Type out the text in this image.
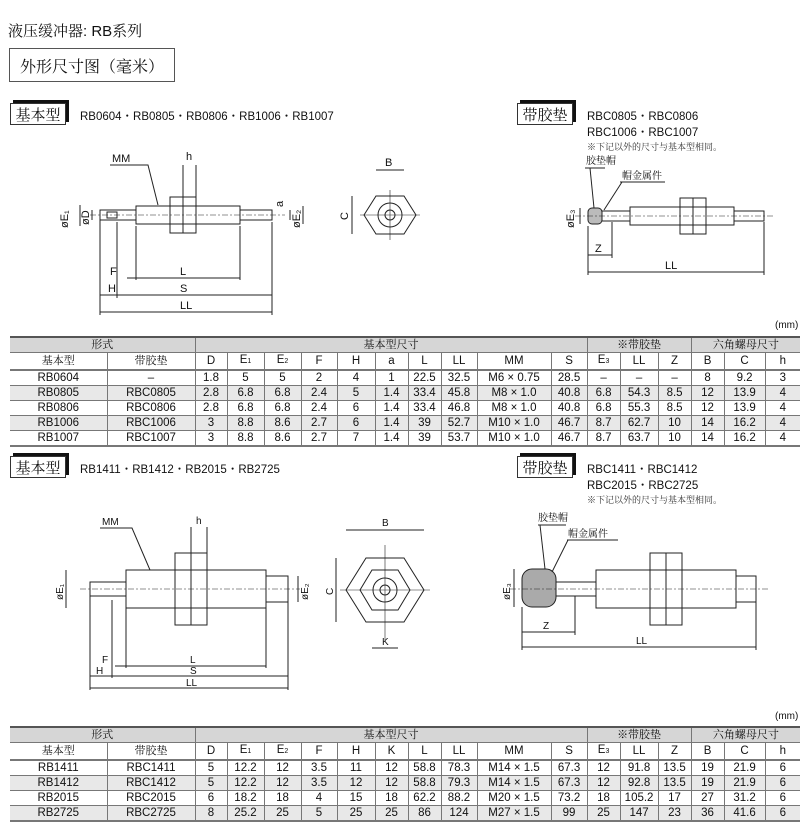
液压缓冲器: RB系列
外形尺寸图（毫米）
基本型	RB0604・RB0805・RB0806・RB1006・RB1007	带胶垫	RBC0805・RBC0806
RBC1006・RBC1007
※下记以外的尺寸与基本型相同。
MM	h
øE₁ øD
a
øE₂
F	L
H	S
LL
B
C
胶垫帽
帽金属件
øE₃
Z
LL
(mm)
形式		基本型尺寸										※带胶垫			六角螺母尺寸		
基本型	带胶垫	D	E1	E2	F	H	a	L	LL	MM	S	E3	LL	Z	B	C	h
RB0604	–	1.8	5	5	2	4	1	22.5	32.5	M6 × 0.75	28.5	–	–	–	8	9.2	3
RB0805	RBC0805	2.8	6.8	6.8	2.4	5	1.4	33.4	45.8	M8 × 1.0	40.8	6.8	54.3	8.5	12	13.9	4
RB0806	RBC0806	2.8	6.8	6.8	2.4	6	1.4	33.4	46.8	M8 × 1.0	40.8	6.8	55.3	8.5	12	13.9	4
RB1006	RBC1006	3	8.8	8.6	2.7	6	1.4	39	52.7	M10 × 1.0	46.7	8.7	62.7	10	14	16.2	4
RB1007	RBC1007	3	8.8	8.6	2.7	7	1.4	39	53.7	M10 × 1.0	46.7	8.7	63.7	10	14	16.2	4
基本型	RB1411・RB1412・RB2015・RB2725	带胶垫	RBC1411・RBC1412
RBC2015・RBC2725
※下记以外的尺寸与基本型相同。
MM	h
øE₁	øE₂
F	L
H	S
LL
B
C
K
胶垫帽
帽金属件
øE₃
Z
LL
(mm)
形式		基本型尺寸										※带胶垫			六角螺母尺寸		
基本型	带胶垫	D	E1	E2	F	H	K	L	LL	MM	S	E3	LL	Z	B	C	h
RB1411	RBC1411	5	12.2	12	3.5	11	12	58.8	78.3	M14 × 1.5	67.3	12	91.8	13.5	19	21.9	6
RB1412	RBC1412	5	12.2	12	3.5	12	12	58.8	79.3	M14 × 1.5	67.3	12	92.8	13.5	19	21.9	6
RB2015	RBC2015	6	18.2	18	4	15	18	62.2	88.2	M20 × 1.5	73.2	18	105.2	17	27	31.2	6
RB2725	RBC2725	8	25.2	25	5	25	25	86	124	M27 × 1.5	99	25	147	23	36	41.6	6
